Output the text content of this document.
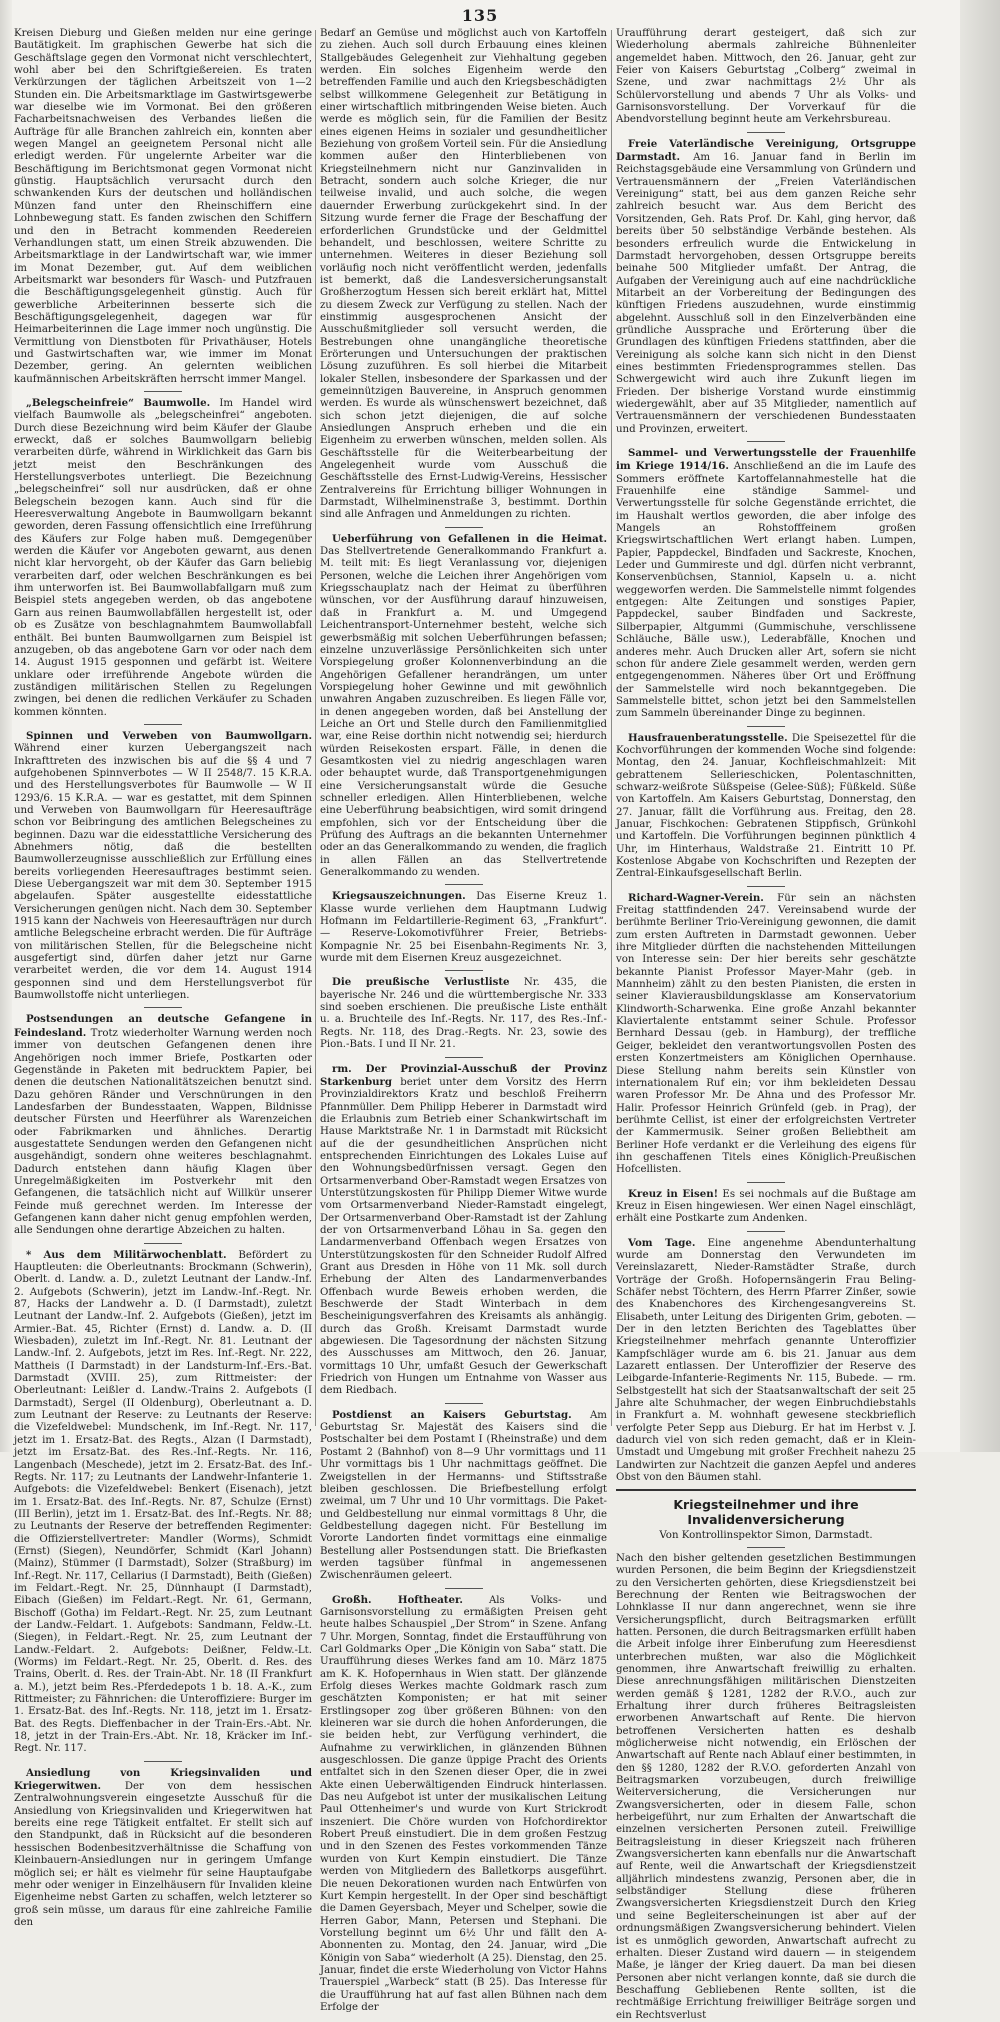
135

Kreisen Dieburg und Gießen melden nur eine geringe Bautätigkeit. Im graphischen Gewerbe hat sich die Geschäftslage gegen den Vormonat nicht verschlechtert, wohl aber bei den Schriftgießereien. Es traten Verkürzungen der täglichen Arbeitszeit von 1—2 Stunden ein. Die Arbeitsmarktlage im Gastwirtsgewerbe war dieselbe wie im Vormonat. Bei den größeren Facharbeitsnachweisen des Verbandes ließen die Aufträge für alle Branchen zahlreich ein, konnten aber wegen Mangel an geeignetem Personal nicht alle erledigt werden. Für ungelernte Arbeiter war die Beschäftigung im Berichtsmonat gegen Vormonat nicht günstig. Hauptsächlich verursacht durch den schwankenden Kurs der deutschen und holländischen Münzen fand unter den Rheinschiffern eine Lohnbewegung statt. Es fanden zwischen den Schiffern und den in Betracht kommenden Reedereien Verhandlungen statt, um einen Streik abzuwenden. Die Arbeitsmarktlage in der Landwirtschaft war, wie immer im Monat Dezember, gut. Auf dem weiblichen Arbeitsmarkt war besonders für Wasch- und Putzfrauen die Beschäftigungsgelegenheit günstig. Auch für gewerbliche Arbeiterinnen besserte sich die Beschäftigungsgelegenheit, dagegen war für Heimarbeiterinnen die Lage immer noch ungünstig. Die Vermittlung von Dienstboten für Privathäuser, Hotels und Gastwirtschaften war, wie immer im Monat Dezember, gering. An gelernten weiblichen kaufmännischen Arbeitskräften herrscht immer Mangel.

„Belegscheinfreie“ Baumwolle. Im Handel wird vielfach Baumwolle als „belegscheinfrei“ angeboten. Durch diese Bezeichnung wird beim Käufer der Glaube erweckt, daß er solches Baumwollgarn beliebig verarbeiten dürfe, während in Wirklichkeit das Garn bis jetzt meist den Beschränkungen des Herstellungsverbotes unterliegt. Die Bezeichnung „belegscheinfrei“ soll nur ausdrücken, daß er ohne Belegschein bezogen kann. Auch sind für die Heeresverwaltung Angebote in Baumwollgarn bekannt geworden, deren Fassung offensichtlich eine Irreführung des Käufers zur Folge haben muß. Demgegenüber werden die Käufer vor Angeboten gewarnt, aus denen nicht klar hervorgeht, ob der Käufer das Garn beliebig verarbeiten darf, oder welchen Beschränkungen es bei ihm unterworfen ist. Bei Baumwollabfallgarn muß zum Beispiel stets angegeben werden, ob das angebotene Garn aus reinen Baumwollabfällen hergestellt ist, oder ob es Zusätze von beschlagnahmtem Baumwollabfall enthält. Bei bunten Baumwollgarnen zum Beispiel ist anzugeben, ob das angebotene Garn vor oder nach dem 14. August 1915 gesponnen und gefärbt ist. Weitere unklare oder irreführende Angebote würden die zuständigen militärischen Stellen zu Regelungen zwingen, bei denen die redlichen Verkäufer zu Schaden kommen könnten.

Spinnen und Verweben von Baumwollgarn. Während einer kurzen Uebergangszeit nach Inkrafttreten des inzwischen bis auf die §§ 4 und 7 aufgehobenen Spinnverbotes — W II 2548/7. 15 K.R.A. und des Herstellungsverbotes für Baumwolle — W II 1293/6. 15 K.R.A. — war es gestattet, mit dem Spinnen und Verweben von Baumwollgarn für Heeresaufträge schon vor Beibringung des amtlichen Belegscheines zu beginnen. Dazu war die eidesstattliche Versicherung des Abnehmers nötig, daß die bestellten Baumwollerzeugnisse ausschließlich zur Erfüllung eines bereits vorliegenden Heeresauftrages bestimmt seien. Diese Uebergangszeit war mit dem 30. September 1915 abgelaufen. Später ausgestellte eidesstattliche Versicherungen genügen nicht. Nach dem 30. September 1915 kann der Nachweis von Heeresaufträgen nur durch amtliche Belegscheine erbracht werden. Die für Aufträge von militärischen Stellen, für die Belegscheine nicht ausgefertigt sind, dürfen daher jetzt nur Garne verarbeitet werden, die vor dem 14. August 1914 gesponnen sind und dem Herstellungsverbot für Baumwollstoffe nicht unterliegen.

Postsendungen an deutsche Gefangene in Feindesland. Trotz wiederholter Warnung werden noch immer von deutschen Gefangenen denen ihre Angehörigen noch immer Briefe, Postkarten oder Gegenstände in Paketen mit bedrucktem Papier, bei denen die deutschen Nationalitätszeichen benutzt sind. Dazu gehören Ränder und Verschnürungen in den Landesfarben der Bundesstaaten, Wappen, Bildnisse deutscher Fürsten und Heerführer als Warenzeichen oder Fabrikmarken und ähnliches. Derartig ausgestattete Sendungen werden den Gefangenen nicht ausgehändigt, sondern ohne weiteres beschlagnahmt. Dadurch entstehen dann häufig Klagen über Unregelmäßigkeiten im Postverkehr mit den Gefangenen, die tatsächlich nicht auf Willkür unserer Feinde muß gerechnet werden. Im Interesse der Gefangenen kann daher nicht genug empfohlen werden, alle Sendungen ohne derartige Abzeichen zu halten.

* Aus dem Militärwochenblatt. Befördert zu Hauptleuten: die Oberleutnants: Brockmann (Schwerin), Oberlt. d. Landw. a. D., zuletzt Leutnant der Landw.-Inf. 2. Aufgebots (Schwerin), jetzt im Landw.-Inf.-Regt. Nr. 87, Hacks der Landwehr a. D. (I Darmstadt), zuletzt Leutnant der Landw.-Inf. 2. Aufgebots (Gießen), jetzt im Armier.-Bat. 45, Richter (Ernst) d. Landw. a. D. (II Wiesbaden), zuletzt im Inf.-Regt. Nr. 81. Leutnant der Landw.-Inf. 2. Aufgebots, jetzt im Res. Inf.-Regt. Nr. 222, Mattheis (I Darmstadt) in der Landsturm-Inf.-Ers.-Bat. Darmstadt (XVIII. 25), zum Rittmeister: der Oberleutnant: Leißler d. Landw.-Trains 2. Aufgebots (I Darmstadt), Sergel (II Oldenburg), Oberleutnant a. D. zum Leutnant der Reserve: zu Leutnants der Reserve: die Vizefeldwebel: Mundschenk, im Inf.-Regt. Nr. 117, jetzt im 1. Ersatz-Bat. des Regts., Alzan (I Darmstadt), jetzt im Ersatz-Bat. des Res.-Inf.-Regts. Nr. 116, Langenbach (Meschede), jetzt im 2. Ersatz-Bat. des Inf.-Regts. Nr. 117; zu Leutnants der Landwehr-Infanterie 1. Aufgebots: die Vizefeldwebel: Benkert (Eisenach), jetzt im 1. Ersatz-Bat. des Inf.-Regts. Nr. 87, Schulze (Ernst) (III Berlin), jetzt im 1. Ersatz-Bat. des Inf.-Regts. Nr. 88; zu Leutnants der Reserve der betreffenden Regimenter: die Offizierstellvertreter: Mandler (Worms), Schmidt (Ernst) (Siegen), Neundörfer, Schmidt (Karl Johann) (Mainz), Stümmer (I Darmstadt), Solzer (Straßburg) im Inf.-Regt. Nr. 117, Cellarius (I Darmstadt), Beith (Gießen) im Feldart.-Regt. Nr. 25, Dünnhaupt (I Darmstadt), Eibach (Gießen) im Feldart.-Regt. Nr. 61, Germann, Bischoff (Gotha) im Feldart.-Regt. Nr. 25, zum Leutnant der Landw.-Feldart. 1. Aufgebots: Sandmann, Feldw.-Lt. (Siegen), in Feldart.-Regt. Nr. 25, zum Leutnant der Landw.-Feldart. 2. Aufgebots: Deißner, Feldw.-Lt. (Worms) im Feldart.-Regt. Nr. 25, Oberlt. d. Res. des Trains, Oberlt. d. Res. der Train-Abt. Nr. 18 (II Frankfurt a. M.), jetzt beim Res.-Pferdedepots 1 b. 18. A.-K., zum Rittmeister; zu Fähnrichen: die Unteroffiziere: Burger im 1. Ersatz-Bat. des Inf.-Regts. Nr. 118, jetzt im 1. Ersatz-Bat. des Regts. Dieffenbacher in der Train-Ers.-Abt. Nr. 18, jetzt in der Train-Ers.-Abt. Nr. 18, Kräcker im Inf.-Regt. Nr. 117.

Ansiedlung von Kriegsinvaliden und Kriegerwitwen. Der von dem hessischen Zentralwohnungsverein eingesetzte Ausschuß für die Ansiedlung von Kriegsinvaliden und Kriegerwitwen hat bereits eine rege Tätigkeit entfaltet. Er stellt sich auf den Standpunkt, daß in Rücksicht auf die besonderen hessischen Bodenbesitzverhältnisse die Schaffung von Kleinbauern-Ansiedlungen nur in geringem Umfange möglich sei; er hält es vielmehr für seine Hauptaufgabe mehr oder weniger in Einzelhäusern für Invaliden kleine Eigenheime nebst Garten zu schaffen, welch letzterer so groß sein müsse, um daraus für eine zahlreiche Familie den

Bedarf an Gemüse und möglichst auch von Kartoffeln zu ziehen. Auch soll durch Erbauung eines kleinen Stallgebäudes Gelegenheit zur Viehhaltung gegeben werden. Ein solches Eigenheim werde den betreffenden Familie und auch den Kriegsbeschädigten selbst willkommene Gelegenheit zur Betätigung in einer wirtschaftlich mitbringenden Weise bieten. Auch werde es möglich sein, für die Familien der Besitz eines eigenen Heims in sozialer und gesundheitlicher Beziehung von großem Vorteil sein. Für die Ansiedlung kommen außer den Hinterbliebenen von Kriegsteilnehmern nicht nur Ganzinvaliden in Betracht, sondern auch solche Krieger, die nur teilweise invalid, und auch solche, die wegen dauernder Erwerbung zurückgekehrt sind. In der Sitzung wurde ferner die Frage der Beschaffung der erforderlichen Grundstücke und der Geldmittel behandelt, und beschlossen, weitere Schritte zu unternehmen. Weiteres in dieser Beziehung soll vorläufig noch nicht veröffentlicht werden, jedenfalls ist bemerkt, daß die Landesversicherungsanstalt Großherzogtum Hessen sich bereit erklärt hat, Mittel zu diesem Zweck zur Verfügung zu stellen. Nach der einstimmig ausgesprochenen Ansicht der Ausschußmitglieder soll versucht werden, die Bestrebungen ohne unangängliche theoretische Erörterungen und Untersuchungen der praktischen Lösung zuzuführen. Es soll hierbei die Mitarbeit lokaler Stellen, insbesondere der Sparkassen und der gemeinnützigen Bauvereine, in Anspruch genommen werden. Es wurde als wünschenswert bezeichnet, daß sich schon jetzt diejenigen, die auf solche Ansiedlungen Anspruch erheben und die ein Eigenheim zu erwerben wünschen, melden sollen. Als Geschäftsstelle für die Weiterbearbeitung der Angelegenheit wurde vom Ausschuß die Geschäftsstelle des Ernst-Ludwig-Vereins, Hessischer Zentralvereins für Errichtung billiger Wohnungen in Darmstadt, Wilhelminenstraße 3, bestimmt. Dorthin sind alle Anfragen und Anmeldungen zu richten.

Ueberführung von Gefallenen in die Heimat. Das Stellvertretende Generalkommando Frankfurt a. M. teilt mit: Es liegt Veranlassung vor, diejenigen Personen, welche die Leichen ihrer Angehörigen vom Kriegsschauplatz nach der Heimat zu überführen wünschen, vor der Ausführung darauf hinzuweisen, daß in Frankfurt a. M. und Umgegend Leichentransport-Unternehmer besteht, welche sich gewerbsmäßig mit solchen Ueberführungen befassen; einzelne unzuverlässige Persönlichkeiten sich unter Vorspiegelung großer Kolonnenverbindung an die Angehörigen Gefallener herandrängen, um unter Vorspiegelung hoher Gewinne und mit gewöhnlich unwahren Angaben zuzuschreiben. Es liegen Fälle vor, in denen angegeben worden, daß bei Anstellung der Leiche an Ort und Stelle durch den Familienmitglied war, eine Reise dorthin nicht notwendig sei; hierdurch würden Reisekosten erspart. Fälle, in denen die Gesamtkosten viel zu niedrig angeschlagen waren oder behauptet wurde, daß Transportgenehmigungen eine Versicherungsanstalt würde die Gesuche schneller erledigen. Allen Hinterbliebenen, welche eine Ueberführung beabsichtigen, wird somit dringend empfohlen, sich vor der Entscheidung über die Prüfung des Auftrags an die bekannten Unternehmer oder an das Generalkommando zu wenden, die fraglich in allen Fällen an das Stellvertretende Generalkommando zu wenden.

Kriegsauszeichnungen. Das Eiserne Kreuz 1. Klasse wurde verliehen dem Hauptmann Ludwig Hofmann im Feldartillerie-Regiment 63, „Frankfurt“. — Reserve-Lokomotivführer Freier, Betriebs-Kompagnie Nr. 25 bei Eisenbahn-Regiments Nr. 3, wurde mit dem Eisernen Kreuz ausgezeichnet.

Die preußische Verlustliste Nr. 435, die bayerische Nr. 246 und die württembergische Nr. 333 sind soeben erschienen. Die preußische Liste enthält u. a. Bruchteile des Inf.-Regts. Nr. 117, des Res.-Inf.-Regts. Nr. 118, des Drag.-Regts. Nr. 23, sowie des Pion.-Bats. I und II Nr. 21.

rm. Der Provinzial-Ausschuß der Provinz Starkenburg beriet unter dem Vorsitz des Herrn Provinzialdirektors Kratz und beschloß Freiherrn Pfannmüller. Dem Philipp Heberer in Darmstadt wird die Erlaubnis zum Betrieb einer Schankwirtschaft im Hause Marktstraße Nr. 1 in Darmstadt mit Rücksicht auf die der gesundheitlichen Ansprüchen nicht entsprechenden Einrichtungen des Lokales Luise auf den Wohnungsbedürfnissen versagt. Gegen den Ortsarmenverband Ober-Ramstadt wegen Ersatzes von Unterstützungskosten für Philipp Diemer Witwe wurde vom Ortsarmenverband Nieder-Ramstadt eingelegt, Der Ortsarmenverband Ober-Ramstadt ist der Zahlung der von Ortsarmenverband Löhau in Sa. gegen den Landarmenverband Offenbach wegen Ersatzes von Unterstützungskosten für den Schneider Rudolf Alfred Grant aus Dresden in Höhe von 11 Mk. soll durch Erhebung der Alten des Landarmenverbandes Offenbach wurde Beweis erhoben werden, die Beschwerde der Stadt Winterbach in dem Bescheinigungsverfahren des Kreisamts als anhängig. durch das Großh. Kreisamt Darmstadt wurde abgewiesen. Die Tagesordnung der nächsten Sitzung des Ausschusses am Mittwoch, den 26. Januar, vormittags 10 Uhr, umfaßt Gesuch der Gewerkschaft Friedrich von Hungen um Entnahme von Wasser aus dem Riedbach.

Postdienst an Kaisers Geburtstag. Am Geburtstag Sr. Majestät des Kaisers sind die Postschalter bei dem Postamt I (Rheinstraße) und dem Postamt 2 (Bahnhof) von 8—9 Uhr vormittags und 11 Uhr vormittags bis 1 Uhr nachmittags geöffnet. Die Zweigstellen in der Hermanns- und Stiftsstraße bleiben geschlossen. Die Briefbestellung erfolgt zweimal, um 7 Uhr und 10 Uhr vormittags. Die Paket- und Geldbestellung nur einmal vormittags 8 Uhr, die Geldbestellung dagegen nicht. Für Bestellung im Vororte Landorten findet vormittags eine einmalige Bestellung aller Postsendungen statt. Die Briefkasten werden tagsüber fünfmal in angemessenen Zwischenräumen geleert.

Großh. Hoftheater.	Als Volks- und Garnisonsvorstellung zu ermäßigten Preisen geht heute halbes Schauspiel „Der Strom“ in Szene. Anfang 7 Uhr. Morgen, Sonntag, findet die Erstaufführung von Carl Goldmarks Oper „Die Königin von Saba“ statt. Die Uraufführung dieses Werkes fand am 10. März 1875 am K. K. Hofopernhaus in Wien statt. Der glänzende Erfolg dieses Werkes machte Goldmark rasch zum geschätzten Komponisten; er hat mit seiner Erstlingsoper zog über größeren Bühnen: von den kleineren war sie durch die hohen Anforderungen, die sie beiden hebt, zur Verfügung verhindert, die Aufnahme zu verwirklichen, in glänzenden Bühnen ausgeschlossen. Die ganze üppige Pracht des Orients entfaltet sich in den Szenen dieser Oper, die in zwei Akte einen Ueberwältigenden Eindruck hinterlassen. Das neu Aufgebot ist unter der musikalischen Leitung Paul Ottenheimer's und wurde von Kurt Strickrodt inszeniert. Die Chöre wurden von Hofchordirektor Robert Preuß einstudiert. Die in dem großen Festzug und in den Szenen des Festes vorkommenden Tänze wurden von Kurt Kempin einstudiert. Die Tänze werden von Mitgliedern des Balletkorps ausgeführt. Die neuen Dekorationen wurden nach Entwürfen von Kurt Kempin hergestellt. In der Oper sind beschäftigt die Damen Geyersbach, Meyer und Schelper, sowie die Herren Gabor, Mann, Petersen und Stephani. Die Vorstellung beginnt um 6½ Uhr und fällt den A-Abonnenten zu. Montag, den 24. Januar, wird „Die Königin von Saba“ wiederholt (A 25). Dienstag, den 25. Januar, findet die erste Wiederholung von Victor Hahns Trauerspiel „Warbeck“ statt (B 25). Das Interesse für die Uraufführung hat auf fast allen Bühnen nach dem Erfolge der

Uraufführung derart gesteigert, daß sich zur Wiederholung abermals zahlreiche Bühnenleiter angemeldet haben. Mittwoch, den 26. Januar, geht zur Feier von Kaisers Geburtstag „Colberg“ zweimal in Szene, und zwar nachmittags 2½ Uhr als Schülervorstellung und abends 7 Uhr als Volks- und Garnisonsvorstellung. Der Vorverkauf für die Abendvorstellung beginnt heute am Verkehrsbureau.

Freie Vaterländische Vereinigung, Ortsgruppe Darmstadt. Am 16. Januar fand in Berlin im Reichstagsgebäude eine Versammlung von Gründern und Vertrauensmännern der „Freien Vaterländischen Vereinigung“ statt, bei aus dem ganzen Reiche sehr zahlreich besucht war. Aus dem Bericht des Vorsitzenden, Geh. Rats Prof. Dr. Kahl, ging hervor, daß bereits über 50 selbständige Verbände bestehen. Als besonders erfreulich wurde die Entwickelung in Darmstadt hervorgehoben, dessen Ortsgruppe bereits beinahe 500 Mitglieder umfaßt. Der Antrag, die Aufgaben der Vereinigung auch auf eine nachdrückliche Mitarbeit an der Vorbereitung der Bedingungen des künftigen Friedens auszudehnen, wurde einstimmig abgelehnt. Ausschluß soll in den Einzelverbänden eine gründliche Aussprache und Erörterung über die Grundlagen des künftigen Friedens stattfinden, aber die Vereinigung als solche kann sich nicht in den Dienst eines bestimmten Friedensprogrammes stellen. Das Schwergewicht wird auch ihre Zukunft liegen im Frieden. Der bisherige Vorstand wurde einstimmig wiedergewählt, aber auf 35 Mitglieder, namentlich auf Vertrauensmännern der verschiedenen Bundesstaaten und Provinzen, erweitert.

Sammel- und Verwertungsstelle der Frauenhilfe im Kriege 1914/16. Anschließend an die im Laufe des Sommers eröffnete Kartoffelannahmestelle hat die Frauenhilfe eine ständige Sammel- und Verwertungsstelle für solche Gegenstände errichtet, die im Haushalt wertlos geworden, die aber infolge des Mangels an Rohstofffeinem großen Kriegswirtschaftlichen Wert erlangt haben. Lumpen, Papier, Pappdeckel, Bindfaden und Sackreste, Knochen, Leder und Gummireste und dgl. dürfen nicht verbrannt, Konservenbüchsen, Stanniol, Kapseln u. a. nicht weggeworfen werden. Die Sammelstelle nimmt folgendes entgegen: Alte Zeitungen und sonstiges Papier, Pappdeckel, sauber Bindfaden und Sackreste, Silberpapier, Altgummi (Gummischuhe, verschlissene Schläuche, Bälle usw.), Lederabfälle, Knochen und anderes mehr. Auch Drucken aller Art, sofern sie nicht schon für andere Ziele gesammelt werden, werden gern entgegengenommen. Näheres über Ort und Eröffnung der Sammelstelle wird noch bekanntgegeben. Die Sammelstelle bittet, schon jetzt bei den Sammelstellen zum Sammeln übereinander Dinge zu beginnen.

Hausfrauenberatungsstelle. Die Speisezettel für die Kochvorführungen der kommenden Woche sind folgende: Montag, den 24. Januar, Kochfleischmahlzeit: Mit gebrattenem Sellerieschicken, Polentaschnitten, schwarz-weißrote Süßspeise (Gelee-Süß); Füßkeld. Süße von Kartoffeln. Am Kaisers Geburtstag, Donnerstag, den 27. Januar, fällt die Vorführung aus. Freitag, den 28. Januar, Fischkochen: Gebratenen Stippfisch, Grünkohl und Kartoffeln. Die Vorführungen beginnen pünktlich 4 Uhr, im Hinterhaus, Waldstraße 21. Eintritt 10 Pf. Kostenlose Abgabe von Kochschriften und Rezepten der Zentral-Einkaufsgesellschaft Berlin.

Richard-Wagner-Verein. Für sein an nächsten Freitag stattfindenden 247. Vereinsabend wurde der berühmte Berliner Trio-Vereinigung gewonnen, die damit zum ersten Auftreten in Darmstadt gewonnen. Ueber ihre Mitglieder dürften die nachstehenden Mitteilungen von Interesse sein: Der hier bereits sehr geschätzte bekannte Pianist Professor Mayer-Mahr (geb. in Mannheim) zählt zu den besten Pianisten, die ersten in seiner Klavierausbildungsklasse am Konservatorium Klindworth-Scharwenka. Eine große Anzahl bekannter Klaviertalente entstammt seiner Schule. Professor Bernhard Dessau (geb. in Hamburg), der treffliche Geiger, bekleidet den verantwortungsvollen Posten des ersten Konzertmeisters am Königlichen Opernhause. Diese Stellung nahm bereits sein Künstler von internationalem Ruf ein; vor ihm bekleideten Dessau waren Professor Mr. De Ahna und des Professor Mr. Halir. Professor Heinrich Grünfeld (geb. in Prag), der berühmte Cellist, ist einer der erfolgreichsten Vertreter der Kammermusik. Seiner großen Beliebtheit am Berliner Hofe verdankt er die Verleihung des eigens für ihn geschaffenen Titels eines Königlich-Preußischen Hofcellisten.

Kreuz in Eisen! Es sei nochmals auf die Bußtage am Kreuz in Eisen hingewiesen. Wer einen Nagel einschlägt, erhält eine Postkarte zum Andenken.

Vom Tage. Eine angenehme Abendunterhaltung wurde am Donnerstag den Verwundeten im Vereinslazarett, Nieder-Ramstädter Straße, durch Vorträge der Großh. Hofopernsängerin Frau Beling-Schäfer nebst Töchtern, des Herrn Pfarrer Zinßer, sowie des Knabenchores des Kirchengesangvereins St. Elisabeth, unter Leitung des Dirigenten Grim, geboten. — Der in den letzten Berichten des Tageblattes über Kriegsteilnehmer mehrfach genannte Unteroffizier Kampfschläger wurde am 6. bis 21. Januar aus dem Lazarett entlassen. Der Unteroffizier der Reserve des Leibgarde-Infanterie-Regiments Nr. 115, Bubede. — rm. Selbstgestellt hat sich der Staatsanwaltschaft der seit 25 Jahre alte Schuhmacher, der wegen Einbruchdiebstahls in Frankfurt a. M. wohnhaft gewesene steckbrieflich verfolgte Peter Sepp aus Dieburg. Er hat im Herbst v. J. dadurch viel von sich reden gemacht, daß er in Klein-Umstadt und Umgebung mit großer Frechheit nahezu 25 Landwirten zur Nachtzeit die ganzen Aepfel und anderes Obst von den Bäumen stahl.

Kriegsteilnehmer und ihre Invalidenversicherung
Von Kontrollinspektor Simon, Darmstadt.

Nach den bisher geltenden gesetzlichen Bestimmungen wurden Personen, die beim Beginn der Kriegsdienstzeit zu den Versicherten gehörten, diese Kriegsdienstzeit bei Berechnung der Renten wie Beitragswochen der Lohnklasse II nur dann angerechnet, wenn sie ihre Versicherungspflicht, durch Beitragsmarken erfüllt hatten. Personen, die durch Beitragsmarken erfüllt haben die Arbeit infolge ihrer Einberufung zum Heeresdienst unterbrechen mußten, war also die Möglichkeit genommen, ihre Anwartschaft freiwillig zu erhalten. Diese anrechnungsfähigen militärischen Dienstzeiten werden gemäß § 1281, 1282 der R.V.O., auch zur Erhaltung ihrer durch früheres Beitragsleisten erworbenen Anwartschaft auf Rente. Die hiervon betroffenen Versicherten hatten es deshalb möglicherweise nicht notwendig, ein Erlöschen der Anwartschaft auf Rente nach Ablauf einer bestimmten, in den §§ 1280, 1282 der R.V.O. geforderten Anzahl von Beitragsmarken vorzubeugen, durch freiwillige Weiterversicherung, die Versicherungen nur Zwangsversicherten, oder in diesem Falle, schon herbeigeführt, nur zum Erhalten der Anwartschaft die einzelnen versicherten Personen zuteil. Freiwillige Beitragsleistung in dieser Kriegszeit nach früheren Zwangsversicherten kann ebenfalls nur die Anwartschaft auf Rente, weil die Anwartschaft der Kriegsdienstzeit alljährlich mindestens zwanzig, Personen aber, die in selbständiger Stellung diese früheren Zwangsversicherten Kriegsdienstzeit Durch den Krieg und seine Begleiterscheinungen ist aber auf der ordnungsmäßigen Zwangsversicherung behindert. Vielen ist es unmöglich geworden, Anwartschaft aufrecht zu erhalten. Dieser Zustand wird dauern — in steigendem Maße, je länger der Krieg dauert. Da man bei diesen Personen aber nicht verlangen konnte, daß sie durch die Beschaffung Gebliebenen Rente sollten, ist die rechtmäßige Errichtung freiwilliger Beiträge sorgen und ein Rechtsverlust
